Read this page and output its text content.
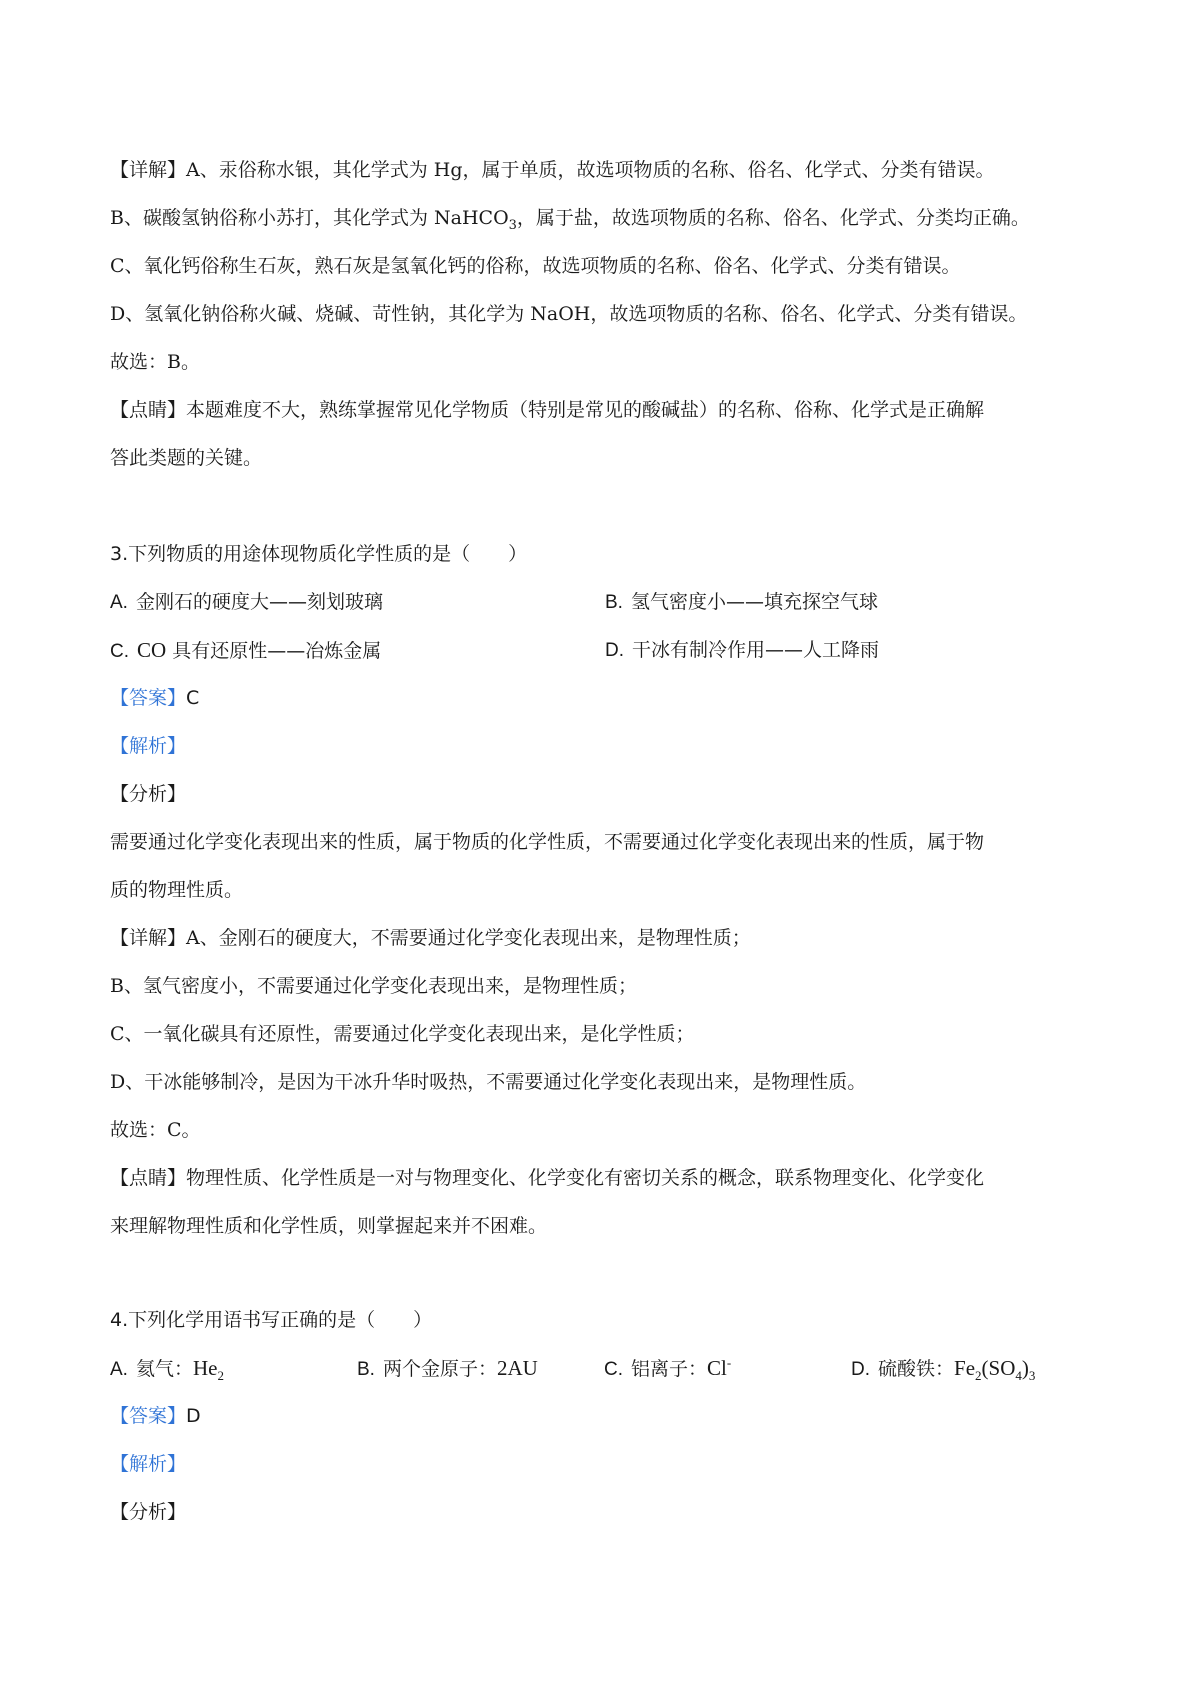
【详解】A、汞俗称水银，其化学式为 Hg，属于单质，故选项物质的名称、俗名、化学式、分类有错误。
B、碳酸氢钠俗称小苏打，其化学式为 NaHCO$_3$，属于盐，故选项物质的名称、俗名、化学式、分类均正确。
C、氧化钙俗称生石灰，熟石灰是氢氧化钙的俗称，故选项物质的名称、俗名、化学式、分类有错误。
D、氢氧化钠俗称火碱、烧碱、苛性钠，其化学为 NaOH，故选项物质的名称、俗名、化学式、分类有错误。
故选：B。
【点睛】本题难度不大，熟练掌握常见化学物质（特别是常见的酸碱盐）的名称、俗称、化学式是正确解
答此类题的关键。
3.下列物质的用途体现物质化学性质的是（　　）
A. 金刚石的硬度大——刻划玻璃	B. 氢气密度小——填充探空气球
C. CO 具有还原性——冶炼金属	D. 干冰有制冷作用——人工降雨
【答案】C
【解析】
【分析】
需要通过化学变化表现出来的性质，属于物质的化学性质，不需要通过化学变化表现出来的性质，属于物
质的物理性质。
【详解】A、金刚石的硬度大，不需要通过化学变化表现出来，是物理性质；
B、氢气密度小，不需要通过化学变化表现出来，是物理性质；
C、一氧化碳具有还原性，需要通过化学变化表现出来，是化学性质；
D、干冰能够制冷，是因为干冰升华时吸热，不需要通过化学变化表现出来，是物理性质。
故选：C。
【点睛】物理性质、化学性质是一对与物理变化、化学变化有密切关系的概念，联系物理变化、化学变化
来理解物理性质和化学性质，则掌握起来并不困难。
4.下列化学用语书写正确的是（　　）
A. 氦气：$He_2$	B. 两个金原子：2AU	C. 铝离子：Cl-	D. 硫酸铁：$Fe_2(SO_4)_3$
【答案】D
【解析】
【分析】
